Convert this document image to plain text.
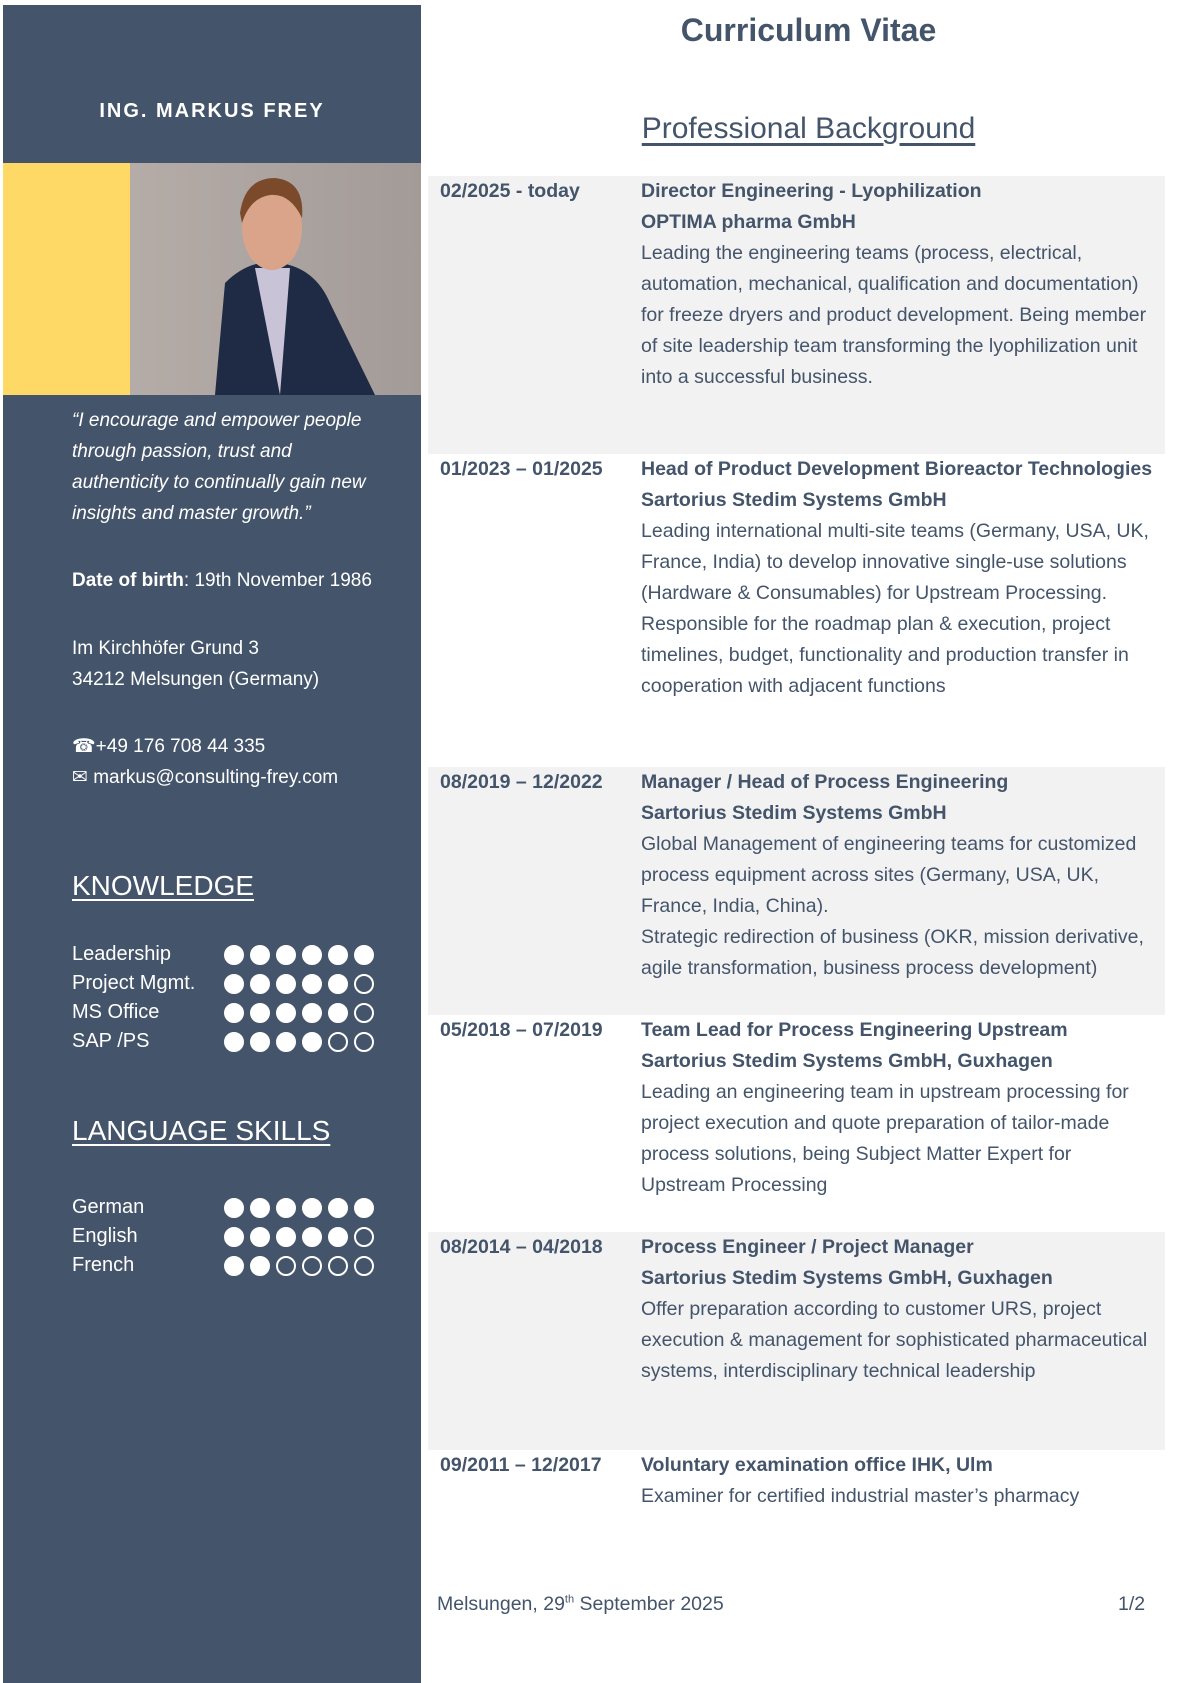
ING. MARKUS FREY
“I encourage and empower people through passion, trust and authenticity to continually gain new insights and master growth.”
Date of birth: 19th November 1986
Im Kirchhöfer Grund 3
34212 Melsungen (Germany)
☎+49 176 708 44 335
✉ markus@consulting-frey.com
KNOWLEDGE
Leadership
Project Mgmt.
MS Office
SAP /PS
LANGUAGE SKILLS
German
English
French
Curriculum Vitae
Professional Background
02/2025 - today	Director Engineering - Lyophilization
OPTIMA pharma GmbH
Leading the engineering teams (process, electrical, automation, mechanical, qualification and documentation) for freeze dryers and product development. Being member of site leadership team transforming the lyophilization unit into a successful business.
01/2023 – 01/2025 Head of Product Development Bioreactor Technologies
Sartorius Stedim Systems GmbH
Leading international multi-site teams (Germany, USA, UK, France, India) to develop innovative single-use solutions (Hardware & Consumables) for Upstream Processing. Responsible for the roadmap plan & execution, project timelines, budget, functionality and production transfer in cooperation with adjacent functions
08/2019 – 12/2022 Manager / Head of Process Engineering
Sartorius Stedim Systems GmbH
Global Management of engineering teams for customized process equipment across sites (Germany, USA, UK, France, India, China).
Strategic redirection of business (OKR, mission derivative, agile transformation, business process development)
05/2018 – 07/2019 Team Lead for Process Engineering Upstream
Sartorius Stedim Systems GmbH, Guxhagen
Leading an engineering team in upstream processing for project execution and quote preparation of tailor-made process solutions, being Subject Matter Expert for Upstream Processing
08/2014 – 04/2018 Process Engineer / Project Manager
Sartorius Stedim Systems GmbH, Guxhagen
Offer preparation according to customer URS, project execution & management for sophisticated pharmaceutical systems, interdisciplinary technical leadership
09/2011 – 12/2017 Voluntary examination office IHK, Ulm
Examiner for certified industrial master’s pharmacy
Melsungen, 29th September 2025	1/2
